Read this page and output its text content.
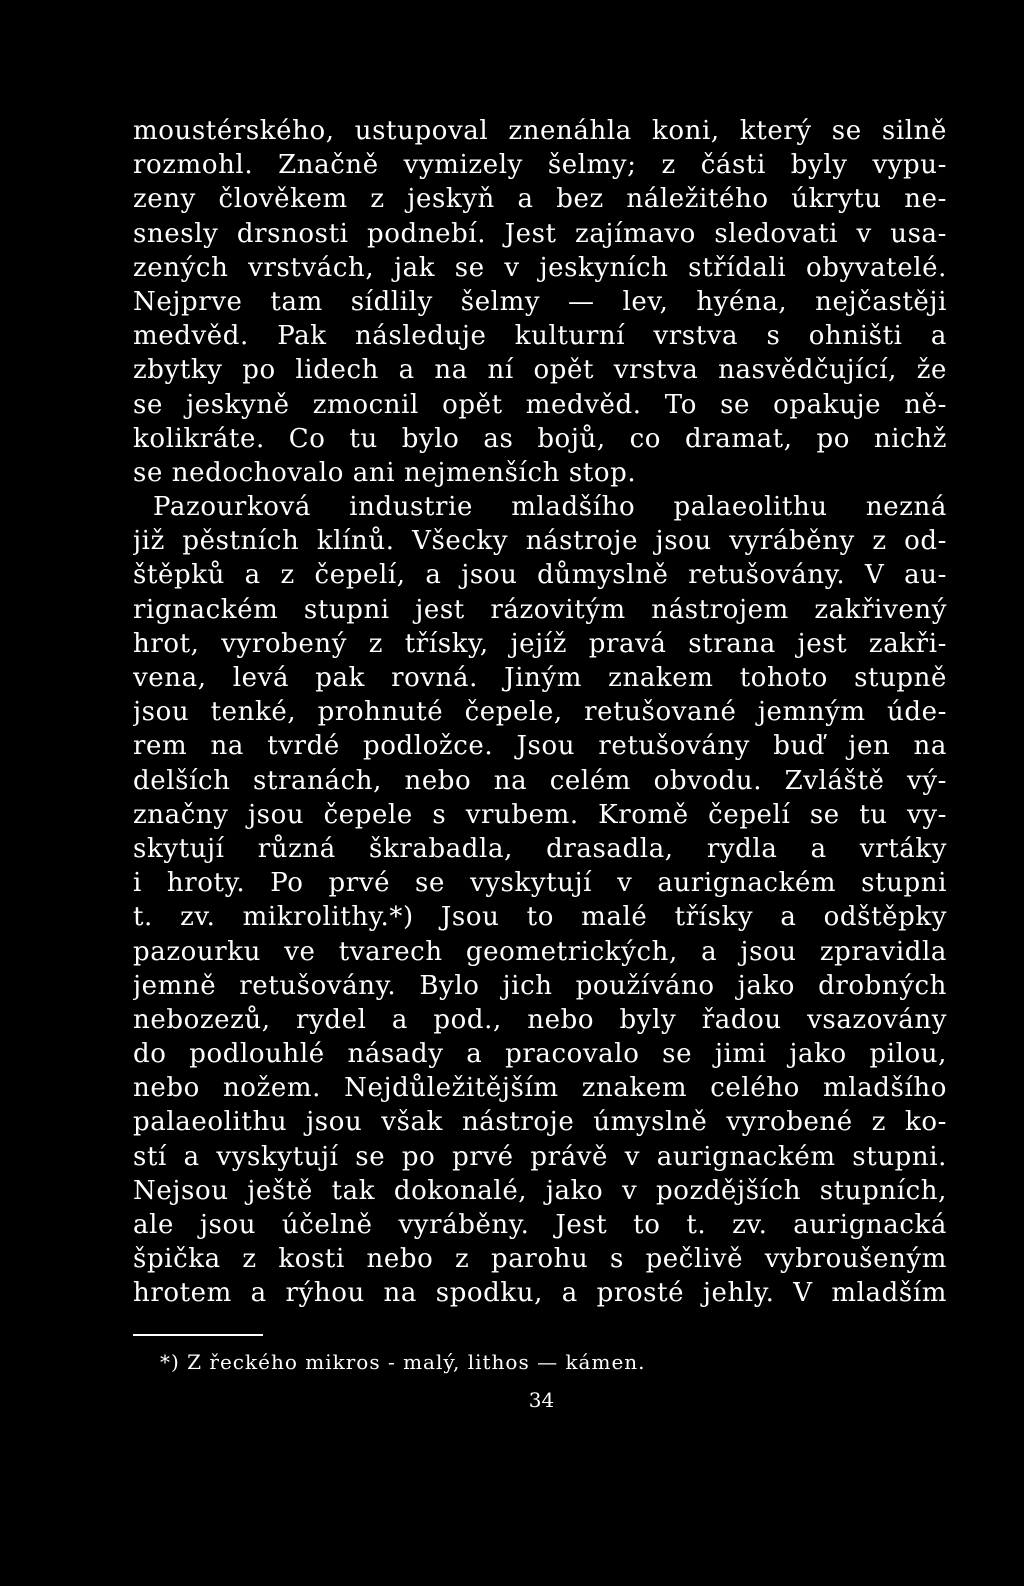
moustérského, ustupoval znenáhla koni, který se silně
rozmohl. Značně vymizely šelmy; z části byly vypu-
zeny člověkem z jeskyň a bez náležitého úkrytu ne-
snesly drsnosti podnebí. Jest zajímavo sledovati v usa-
zených vrstvách, jak se v jeskyních střídali obyvatelé.
Nejprve tam sídlily šelmy — lev, hyéna, nejčastěji
medvěd. Pak následuje kulturní vrstva s ohništi a
zbytky po lidech a na ní opět vrstva nasvědčující, že
se jeskyně zmocnil opět medvěd. To se opakuje ně-
kolikráte. Co tu bylo as bojů, co dramat, po nichž
se nedochovalo ani nejmenších stop.
Pazourková industrie mladšího palaeolithu nezná
již pěstních klínů. Všecky nástroje jsou vyráběny z od-
štěpků a z čepelí, a jsou důmyslně retušovány. V au-
rignackém stupni jest rázovitým nástrojem zakřivený
hrot, vyrobený z třísky, jejíž pravá strana jest zakři-
vena, levá pak rovná. Jiným znakem tohoto stupně
jsou tenké, prohnuté čepele, retušované jemným úde-
rem na tvrdé podložce. Jsou retušovány buď jen na
delších stranách, nebo na celém obvodu. Zvláště vý-
značny jsou čepele s vrubem. Kromě čepelí se tu vy-
skytují různá škrabadla, drasadla, rydla a vrtáky
i hroty. Po prvé se vyskytují v aurignackém stupni
t. zv. mikrolithy.*) Jsou to malé třísky a odštěpky
pazourku ve tvarech geometrických, a jsou zpravidla
jemně retušovány. Bylo jich používáno jako drobných
nebozezů, rydel a pod., nebo byly řadou vsazovány
do podlouhlé násady a pracovalo se jimi jako pilou,
nebo nožem. Nejdůležitějším znakem celého mladšího
palaeolithu jsou však nástroje úmyslně vyrobené z ko-
stí a vyskytují se po prvé právě v aurignackém stupni.
Nejsou ještě tak dokonalé, jako v pozdějších stupních,
ale jsou účelně vyráběny. Jest to t. zv. aurignacká
špička z kosti nebo z parohu s pečlivě vybroušeným
hrotem a rýhou na spodku, a prosté jehly. V mladším
*) Z řeckého mikros - malý, lithos — kámen.
34
